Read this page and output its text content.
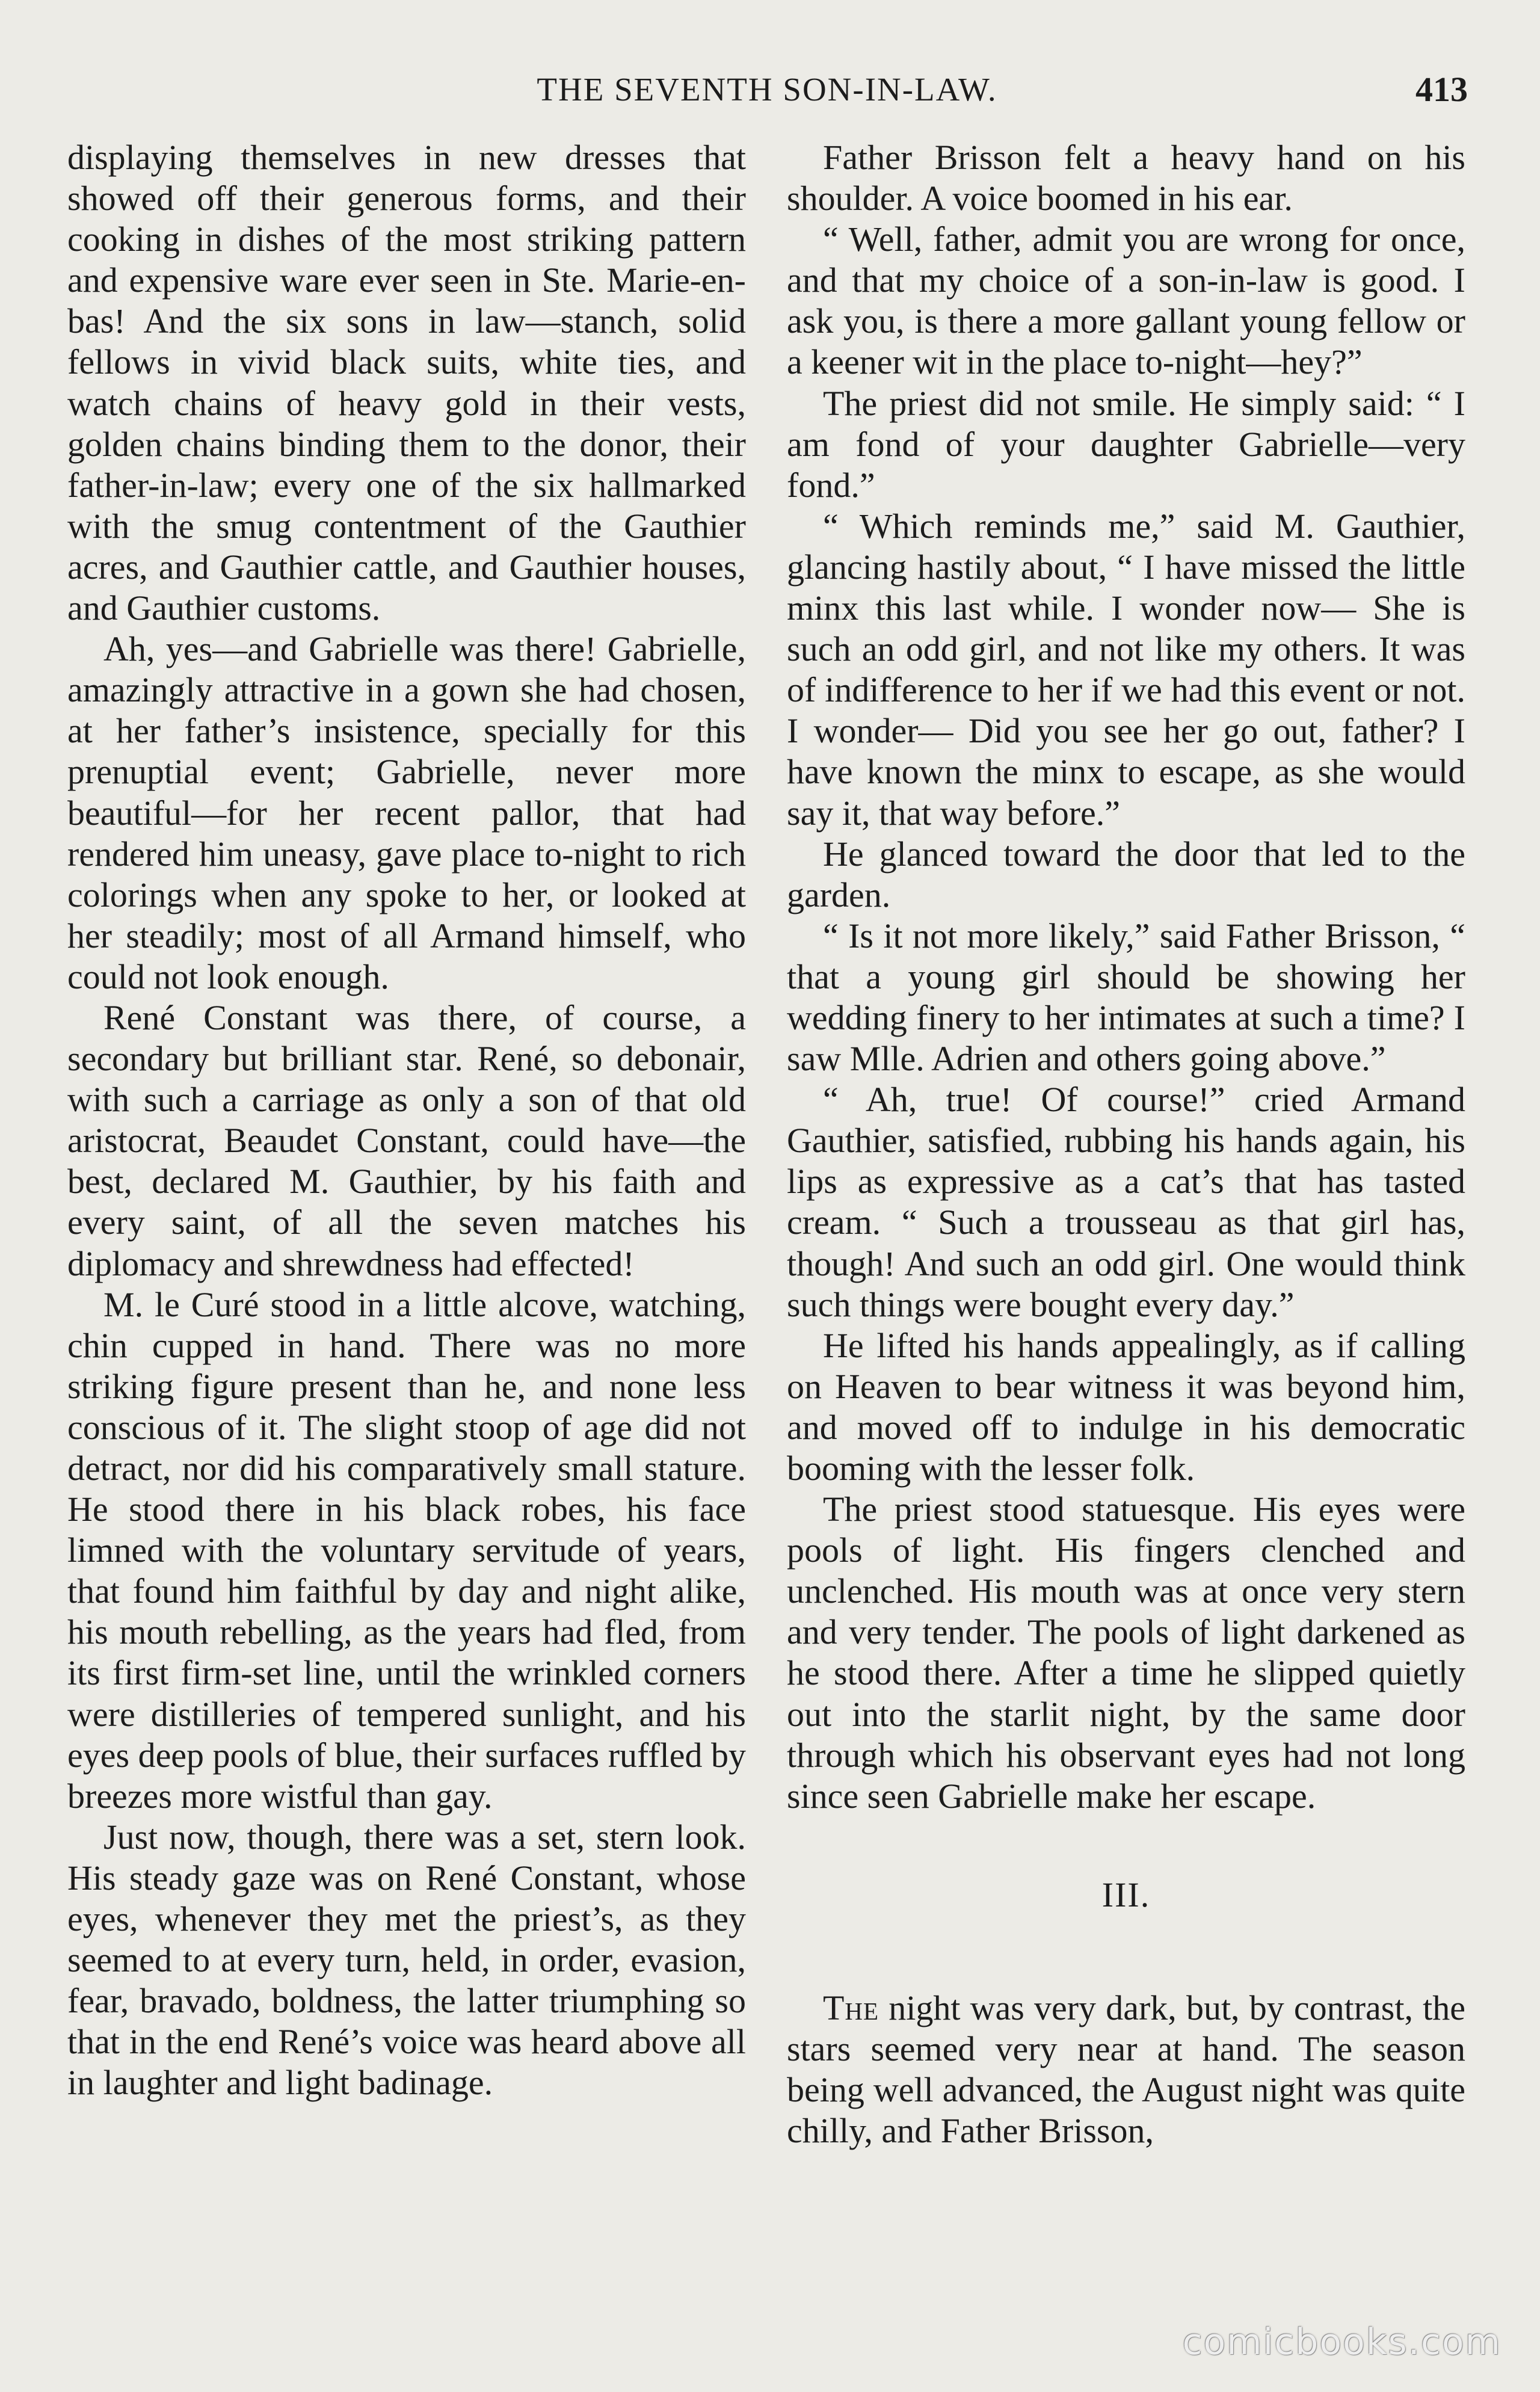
THE SEVENTH SON-IN-LAW.	413

displaying themselves in new dresses that showed off their generous forms, and their cooking in dishes of the most striking pattern and expensive ware ever seen in Ste. Marie-en-bas! And the six sons in law—stanch, solid fellows in vivid black suits, white ties, and watch chains of heavy gold in their vests, golden chains binding them to the donor, their father-in-law; every one of the six hallmarked with the smug contentment of the Gauthier acres, and Gauthier cattle, and Gauthier houses, and Gauthier customs.

Ah, yes—and Gabrielle was there! Gabrielle, amazingly attractive in a gown she had chosen, at her father’s insistence, specially for this prenuptial event; Gabrielle, never more beautiful—for her recent pallor, that had rendered him uneasy, gave place to-night to rich colorings when any spoke to her, or looked at her steadily; most of all Armand himself, who could not look enough.

René Constant was there, of course, a secondary but brilliant star. René, so debonair, with such a carriage as only a son of that old aristocrat, Beaudet Constant, could have—the best, declared M. Gauthier, by his faith and every saint, of all the seven matches his diplomacy and shrewdness had effected!

M. le Curé stood in a little alcove, watching, chin cupped in hand. There was no more striking figure present than he, and none less conscious of it. The slight stoop of age did not detract, nor did his comparatively small stature. He stood there in his black robes, his face limned with the voluntary servitude of years, that found him faithful by day and night alike, his mouth rebelling, as the years had fled, from its first firm-set line, until the wrinkled corners were distilleries of tempered sunlight, and his eyes deep pools of blue, their surfaces ruffled by breezes more wistful than gay.

Just now, though, there was a set, stern look. His steady gaze was on René Constant, whose eyes, whenever they met the priest’s, as they seemed to at every turn, held, in order, evasion, fear, bravado, boldness, the latter triumphing so that in the end René’s voice was heard above all in laughter and light badinage.

Father Brisson felt a heavy hand on his shoulder. A voice boomed in his ear.

“ Well, father, admit you are wrong for once, and that my choice of a son-in-law is good. I ask you, is there a more gallant young fellow or a keener wit in the place to-night—hey?”

The priest did not smile. He simply said: “ I am fond of your daughter Gabrielle—very fond.”

“ Which reminds me,” said M. Gauthier, glancing hastily about, “ I have missed the little minx this last while. I wonder now— She is such an odd girl, and not like my others. It was of indifference to her if we had this event or not. I wonder— Did you see her go out, father? I have known the minx to escape, as she would say it, that way before.”

He glanced toward the door that led to the garden.

“ Is it not more likely,” said Father Brisson, “ that a young girl should be showing her wedding finery to her intimates at such a time? I saw Mlle. Adrien and others going above.”

“ Ah, true! Of course!” cried Armand Gauthier, satisfied, rubbing his hands again, his lips as expressive as a cat’s that has tasted cream. “ Such a trousseau as that girl has, though! And such an odd girl. One would think such things were bought every day.”

He lifted his hands appealingly, as if calling on Heaven to bear witness it was beyond him, and moved off to indulge in his democratic booming with the lesser folk.

The priest stood statuesque. His eyes were pools of light. His fingers clenched and unclenched. His mouth was at once very stern and very tender. The pools of light darkened as he stood there. After a time he slipped quietly out into the starlit night, by the same door through which his observant eyes had not long since seen Gabrielle make her escape.

III.

The night was very dark, but, by contrast, the stars seemed very near at hand. The season being well advanced, the August night was quite chilly, and Father Brisson,

comicbooks.com
